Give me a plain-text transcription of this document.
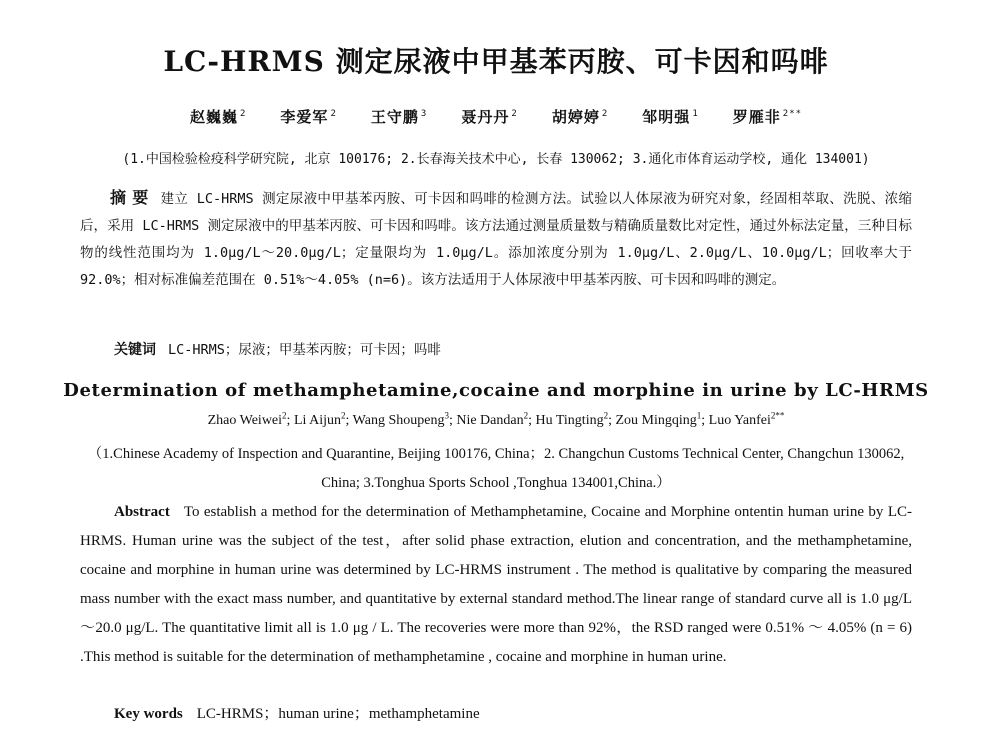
LC-HRMS 测定尿液中甲基苯丙胺、可卡因和吗啡
赵巍巍 $^2$ 李爱军 $^2$ 王守鹏 $^3$ 聂丹丹 $^2$ 胡婷婷 $^2$ 邹明强 $^1$ 罗雁非 $^{2**}$
(1.中国检验检疫科学研究院, 北京 100176; 2.长春海关技术中心, 长春 130062; 3.通化市体育运动学校, 通化 134001)
摘 要 建立 LC-HRMS 测定尿液中甲基苯丙胺、可卡因和吗啡的检测方法。试验以人体尿液为研究对象，经固相萃取、洗脱、浓缩后，采用 LC-HRMS 测定尿液中的甲基苯丙胺、可卡因和吗啡。该方法通过测量质量数与精确质量数比对定性，通过外标法定量，三种目标物的线性范围均为 1.0μg/L～20.0μg/L；定量限均为 1.0μg/L。添加浓度分别为 1.0μg/L、2.0μg/L、10.0μg/L；回收率大于 92.0%；相对标准偏差范围在 0.51%～4.05% (n=6)。该方法适用于人体尿液中甲基苯丙胺、可卡因和吗啡的测定。
关键词 LC-HRMS；尿液；甲基苯丙胺；可卡因；吗啡
Determination of methamphetamine,cocaine and morphine in urine by LC-HRMS
Zhao Weiwei$^2$; Li Aijun$^2$; Wang Shoupeng$^3$; Nie Dandan$^2$; Hu Tingting$^2$; Zou Mingqing$^1$; Luo Yanfei$^{2**}$
（1.Chinese Academy of Inspection and Quarantine, Beijing 100176, China；2. Changchun Customs Technical Center, Changchun 130062, China; 3.Tonghua Sports School ,Tonghua 134001,China.）
Abstract To establish a method for the determination of Methamphetamine, Cocaine and Morphine ontentin human urine by LC-HRMS. Human urine was the subject of the test，after solid phase extraction, elution and concentration, and the methamphetamine, cocaine and morphine in human urine was determined by LC-HRMS instrument . The method is qualitative by comparing the measured mass number with the exact mass number, and quantitative by external standard method.The linear range of standard curve all is 1.0 μg/L～20.0 μg/L. The quantitative limit all is 1.0 μg / L. The recoveries were more than 92%，the RSD ranged were 0.51% ～ 4.05% (n = 6) .This method is suitable for the determination of methamphetamine , cocaine and morphine in human urine.
Key words LC-HRMS；human urine；methamphetamine
